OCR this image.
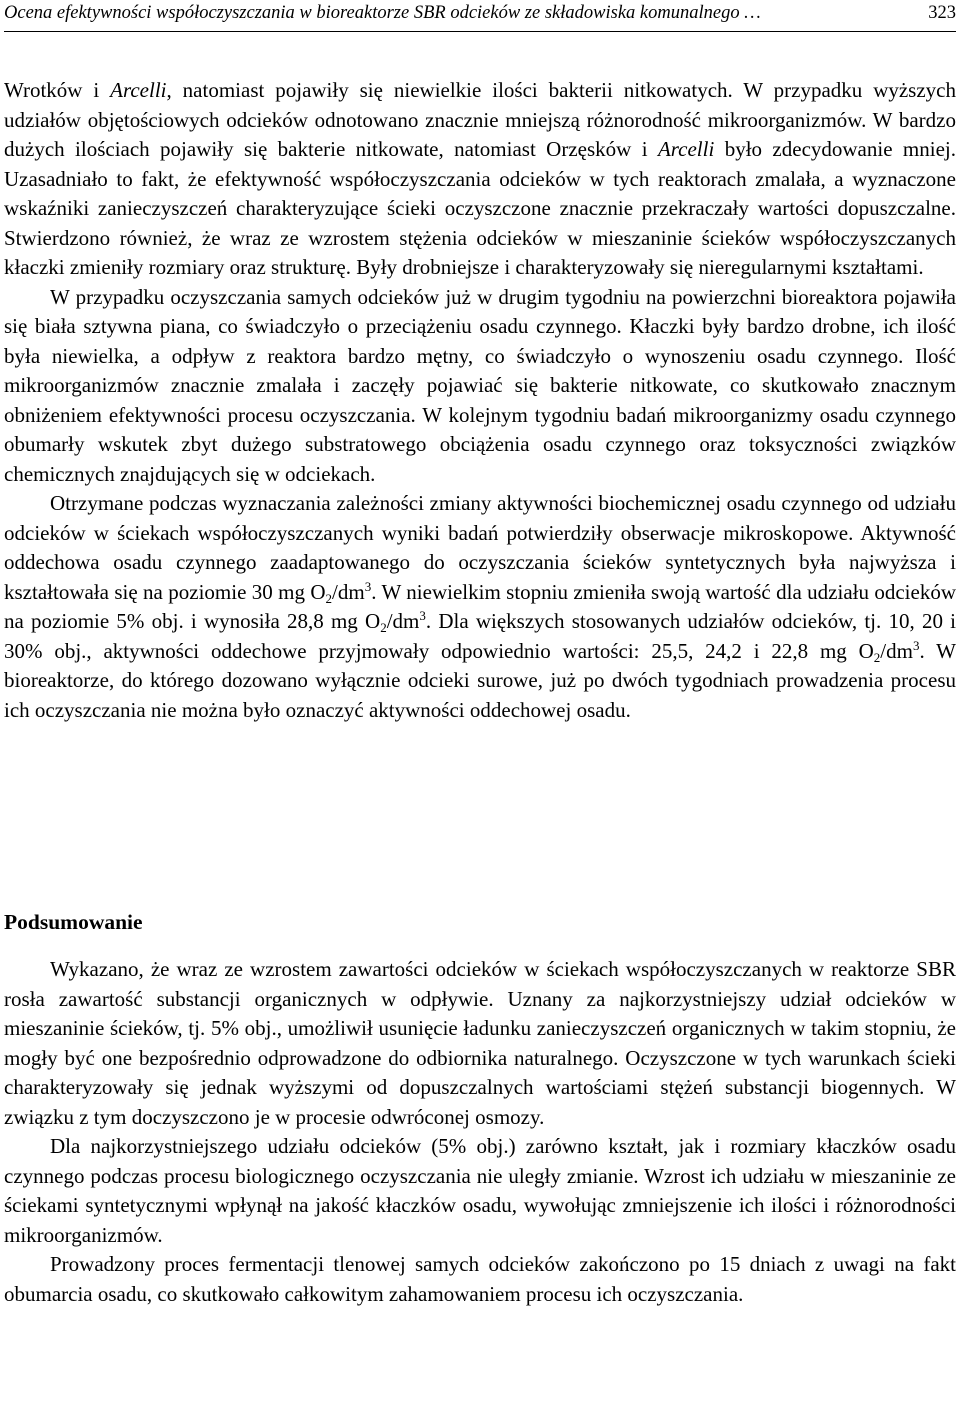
Ocena efektywności współoczyszczania w bioreaktorze SBR odcieków ze składowiska komunalnego …	323

Wrotków i Arcelli, natomiast pojawiły się niewielkie ilości bakterii nitkowatych. W przypadku wyższych udziałów objętościowych odcieków odnotowano znacznie mniejszą różnorodność mikroorganizmów. W bardzo dużych ilościach pojawiły się bakterie nitkowate, natomiast Orzęsków i Arcelli było zdecydowanie mniej. Uzasadniało to fakt, że efektywność współoczyszczania odcieków w tych reaktorach zmalała, a wyznaczone wskaźniki zanieczyszczeń charakteryzujące ścieki oczyszczone znacznie przekraczały wartości dopuszczalne. Stwierdzono również, że wraz ze wzrostem stężenia odcieków w mieszaninie ścieków współoczyszczanych kłaczki zmieniły rozmiary oraz strukturę. Były drobniejsze i charakteryzowały się nieregularnymi kształtami.

W przypadku oczyszczania samych odcieków już w drugim tygodniu na powierzchni bioreaktora pojawiła się biała sztywna piana, co świadczyło o przeciążeniu osadu czynnego. Kłaczki były bardzo drobne, ich ilość była niewielka, a odpływ z reaktora bardzo mętny, co świadczyło o wynoszeniu osadu czynnego. Ilość mikroorganizmów znacznie zmalała i zaczęły pojawiać się bakterie nitkowate, co skutkowało znacznym obniżeniem efektywności procesu oczyszczania. W kolejnym tygodniu badań mikroorganizmy osadu czynnego obumarły wskutek zbyt dużego substratowego obciążenia osadu czynnego oraz toksyczności związków chemicznych znajdujących się w odciekach.

Otrzymane podczas wyznaczania zależności zmiany aktywności biochemicznej osadu czynnego od udziału odcieków w ściekach współoczyszczanych wyniki badań potwierdziły obserwacje mikroskopowe. Aktywność oddechowa osadu czynnego zaadaptowanego do oczyszczania ścieków syntetycznych była najwyższa i kształtowała się na poziomie 30 mg $O_2/dm^3$. W niewielkim stopniu zmieniła swoją wartość dla udziału odcieków na poziomie 5% obj. i wynosiła 28,8 mg $O_2/dm^3$. Dla większych stosowanych udziałów odcieków, tj. 10, 20 i 30% obj., aktywności oddechowe przyjmowały odpowiednio wartości: 25,5, 24,2 i 22,8 mg $O_2/dm^3$. W bioreaktorze, do którego dozowano wyłącznie odcieki surowe, już po dwóch tygodniach prowadzenia procesu ich oczyszczania nie można było oznaczyć aktywności oddechowej osadu.

Podsumowanie

Wykazano, że wraz ze wzrostem zawartości odcieków w ściekach współoczyszczanych w reaktorze SBR rosła zawartość substancji organicznych w odpływie. Uznany za najkorzystniejszy udział odcieków w mieszaninie ścieków, tj. 5% obj., umożliwił usunięcie ładunku zanieczyszczeń organicznych w takim stopniu, że mogły być one bezpośrednio odprowadzone do odbiornika naturalnego. Oczyszczone w tych warunkach ścieki charakteryzowały się jednak wyższymi od dopuszczalnych wartościami stężeń substancji biogennych. W związku z tym doczyszczono je w procesie odwróconej osmozy.

Dla najkorzystniejszego udziału odcieków (5% obj.) zarówno kształt, jak i rozmiary kłaczków osadu czynnego podczas procesu biologicznego oczyszczania nie uległy zmianie. Wzrost ich udziału w mieszaninie ze ściekami syntetycznymi wpłynął na jakość kłaczków osadu, wywołując zmniejszenie ich ilości i różnorodności mikroorganizmów.

Prowadzony proces fermentacji tlenowej samych odcieków zakończono po 15 dniach z uwagi na fakt obumarcia osadu, co skutkowało całkowitym zahamowaniem procesu ich oczyszczania.
